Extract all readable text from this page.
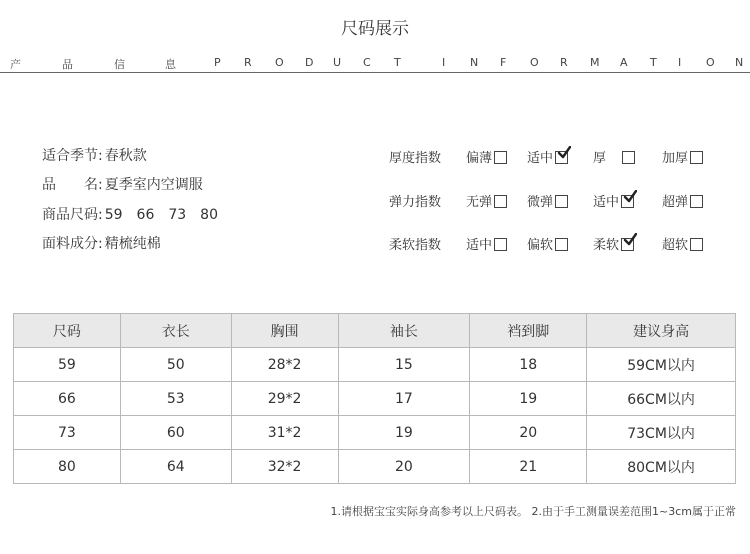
尺码展示
产	品	信	息	P R O D U C T	I N F O R M A T I O N
适合季节: 春秋款
品　　名: 夏季室内空调服
商品尺码: 59　66　73　80
面料成分: 精梳纯棉
厚度指数 偏薄	适中	厚	加厚
弹力指数 无弹	微弹	适中	超弹
柔软指数 适中	偏软	柔软	超软
尺码	衣长	胸围	袖长	裆到脚	建议身高
59	50	28*2	15	18	59CM以内
66	53	29*2	17	19	66CM以内
73	60	31*2	19	20	73CM以内
80	64	32*2	20	21	80CM以内
1.请根据宝宝实际身高参考以上尺码表。 2.由于手工测量误差范围1~3cm属于正常
